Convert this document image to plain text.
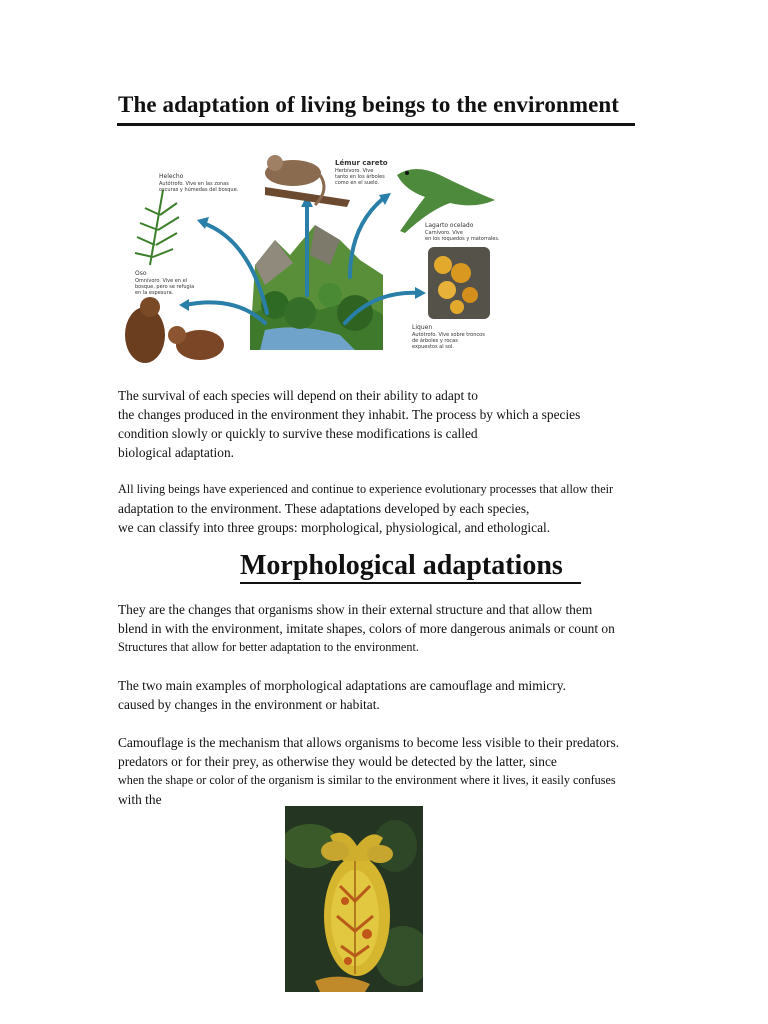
The adaptation of living beings to the environment
Helecho
Autótrofo. Vive en las zonas
oscuras y húmedas del bosque.
Lémur careto
Herbívoro. Vive
tanto en los árboles
como en el suelo.
Oso
Omnívoro. Vive en el
bosque, pero se refugia
en la espesura.
Lagarto ocelado
Carnívoro. Vive
en los roquedos y matorrales.
Liquen
Autótrofo. Vive sobre troncos
de árboles y rocas
expuestos al sol.

The survival of each species will depend on their ability to adapt to
the changes produced in the environment they inhabit. The process by which a species
condition slowly or quickly to survive these modifications is called
biological adaptation.

All living beings have experienced and continue to experience evolutionary processes that allow their
adaptation to the environment. These adaptations developed by each species,
we can classify into three groups: morphological, physiological, and ethological.

Morphological adaptations

They are the changes that organisms show in their external structure and that allow them
blend in with the environment, imitate shapes, colors of more dangerous animals or count on
Structures that allow for better adaptation to the environment.

The two main examples of morphological adaptations are camouflage and mimicry.
caused by changes in the environment or habitat.

Camouflage is the mechanism that allows organisms to become less visible to their predators.
predators or for their prey, as otherwise they would be detected by the latter, since
when the shape or color of the organism is similar to the environment where it lives, it easily confuses
with the
